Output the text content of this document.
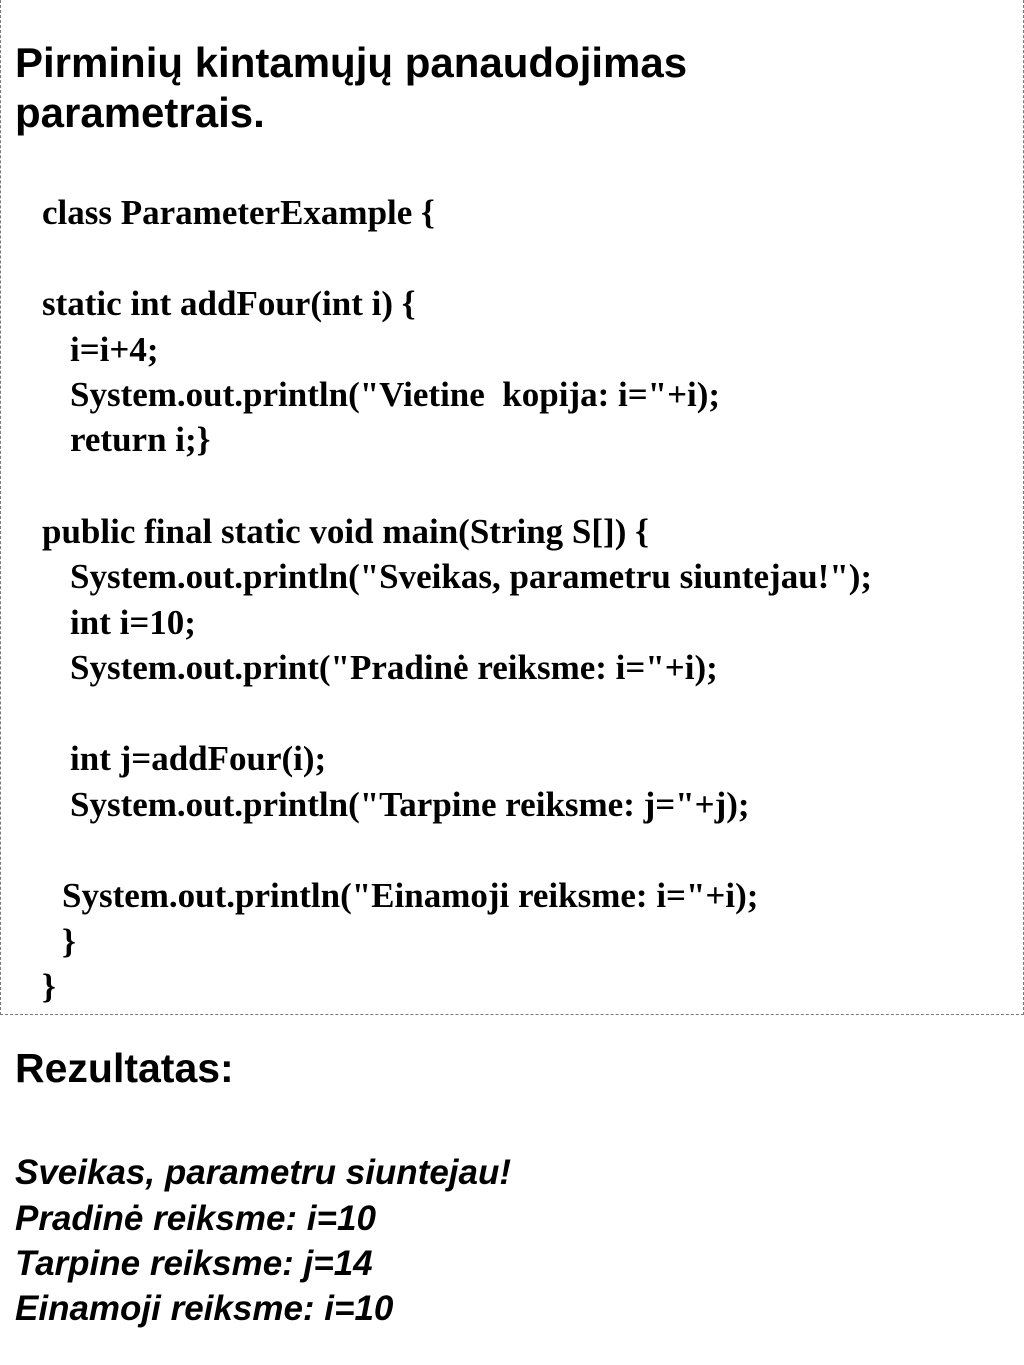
Pirminių kintamųjų panaudojimas
parametrais.
class ParameterExample {
static int addFour(int i) {
i=i+4;
System.out.println("Vietine  kopija: i="+i);
return i;}
public final static void main(String S[]) {
System.out.println("Sveikas, parametru siuntejau!");
int i=10;
System.out.print("Pradinė reiksme: i="+i);
int j=addFour(i);
System.out.println("Tarpine reiksme: j="+j);
System.out.println("Einamoji reiksme: i="+i);
}
}
Rezultatas:
Sveikas, parametru siuntejau!
Pradinė reiksme: i=10
Tarpine reiksme: j=14
Einamoji reiksme: i=10
